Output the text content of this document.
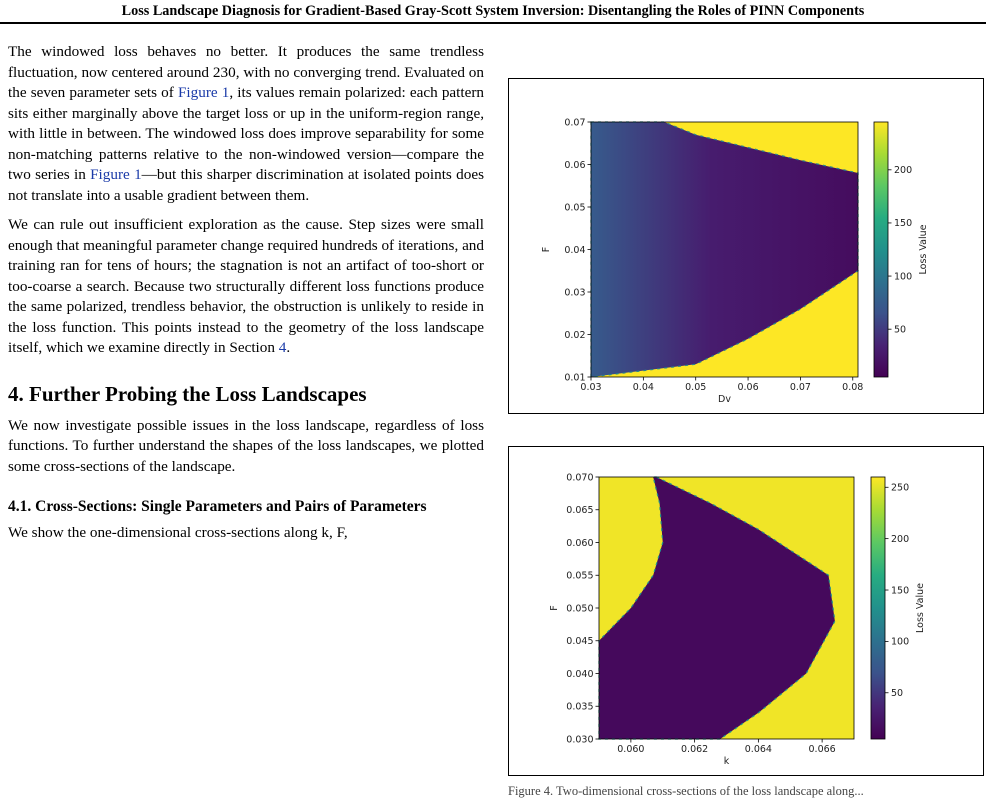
Loss Landscape Diagnosis for Gradient-Based Gray-Scott System Inversion: Disentangling the Roles of PINN Components

The windowed loss behaves no better. It produces the same trendless fluctuation, now centered around 230, with no converging trend. Evaluated on the seven parameter sets of Figure 1, its values remain polarized: each pattern sits either marginally above the target loss or up in the uniform-region range, with little in between. The windowed loss does improve separability for some non-matching patterns relative to the non-windowed version—compare the two series in Figure 1—but this sharper discrimination at isolated points does not translate into a usable gradient between them.

We can rule out insufficient exploration as the cause. Step sizes were small enough that meaningful parameter change required hundreds of iterations, and training ran for tens of hours; the stagnation is not an artifact of too-short or too-coarse a search. Because two structurally different loss functions produce the same polarized, trendless behavior, the obstruction is unlikely to reside in the loss function. This points instead to the geometry of the loss landscape itself, which we examine directly in Section 4.

4. Further Probing the Loss Landscapes

We now investigate possible issues in the loss landscape, regardless of loss functions. To further understand the shapes of the loss landscapes, we plotted some cross-sections of the landscape.

4.1. Cross-Sections: Single Parameters and Pairs of Parameters

We show the one-dimensional cross-sections along k, F,

0.03	0.04	0.05	0.06	0.07	0.08
0.01
0.02
0.03
0.04
0.05
0.06
0.07
Dv
F
50
100
150
200
Loss Value
0.060	0.062	0.064	0.066
0.030
0.035
0.040
0.045
0.050
0.055
0.060
0.065
0.070
k
F
50
100
150
200
250
Loss Value
Figure 4. Two-dimensional cross-sections of the loss landscape along...
